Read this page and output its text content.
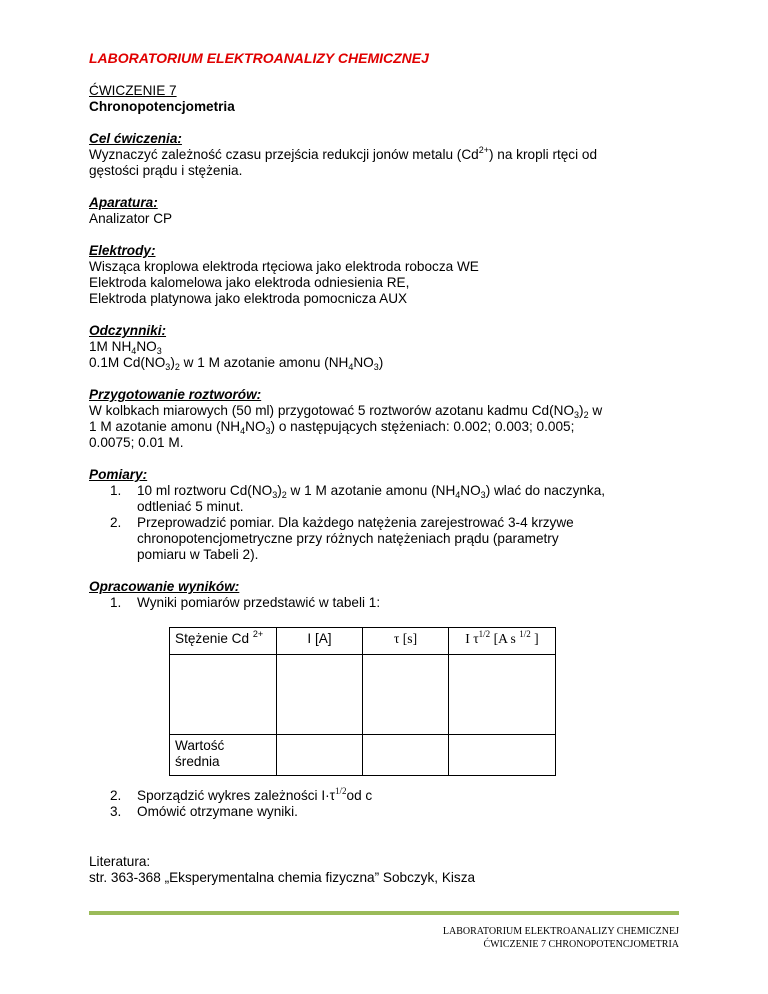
LABORATORIUM ELEKTROANALIZY CHEMICZNEJ
ĆWICZENIE 7
Chronopotencjometria
Cel ćwiczenia:
Wyznaczyć zależność czasu przejścia redukcji jonów metalu $(Cd^{2+})$ na kropli rtęci od
gęstości prądu i stężenia.
Aparatura:
Analizator CP
Elektrody:
Wisząca kroplowa elektroda rtęciowa jako elektroda robocza WE
Elektroda kalomelowa jako elektroda odniesienia RE,
Elektroda platynowa jako elektroda pomocnicza AUX
Odczynniki:
1M $NH_4NO_3$
0.1M $Cd(NO_3)_2$ w 1 M azotanie amonu $(NH_4NO_3)$
Przygotowanie roztworów:
W kolbkach miarowych (50 ml) przygotować 5 roztworów azotanu kadmu $Cd(NO_3)_2$ w
1 M azotanie amonu $(NH_4NO_3)$ o następujących stężeniach: 0.002; 0.003; 0.005;
0.0075; 0.01 M.
Pomiary:
1. 10 ml roztworu $Cd(NO_3)_2$ w 1 M azotanie amonu $(NH_4NO_3)$ wlać do naczynka,
odtleniać 5 minut.
2. Przeprowadzić pomiar. Dla każdego natężenia zarejestrować 3-4 krzywe
chronopotencjometryczne przy różnych natężeniach prądu (parametry
pomiaru w Tabeli 2).
Opracowanie wyników:
1. Wyniki pomiarów przedstawić w tabeli 1:
Stężenie Cd $^{2+}$	I [A]	τ [s]	I $\tau^{1/2}$ [A s $^{1/2}$ ]

Wartość
średnia			

2. Sporządzić wykres zależności $I\cdot\tau^{1/2}od$ c
3. Omówić otrzymane wyniki.
Literatura:
str. 363-368 „Eksperymentalna chemia fizyczna” Sobczyk, Kisza
LABORATORIUM ELEKTROANALIZY CHEMICZNEJ
ĆWICZENIE 7 CHRONOPOTENCJOMETRIA
